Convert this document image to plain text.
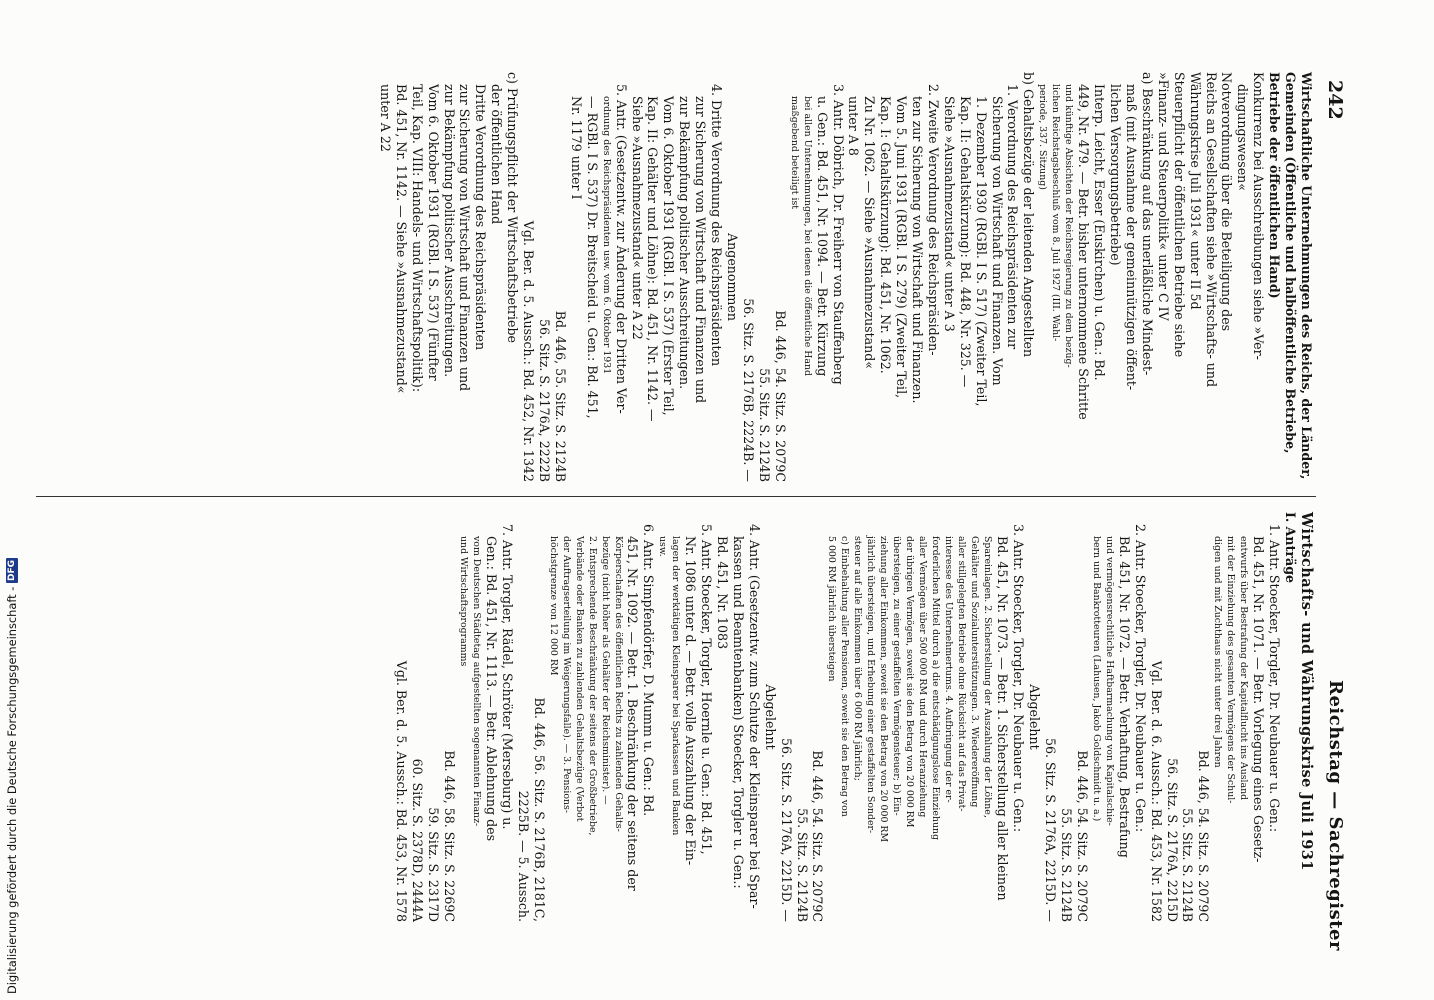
242
Reichstag — Sachregister
Wirtschaftliche Unternehmungen des Reichs, der Länder,
Gemeinden (Öffentliche und halböffentliche Betriebe,
Betriebe der öffentlichen Hand)
Konkurrenz bei Ausschreibungen siehe »Ver-
dingungswesen«
Notverordnung über die Beteiligung des
Reichs an Gesellschaften siehe »Wirtschafts- und
Währungskrise Juli 1931« unter II 5d
Steuerpflicht der öffentlichen Betriebe siehe
»Finanz- und Steuerpolitik« unter C IV
a) Beschränkung auf das unerläßliche Mindest-
maß (mit Ausnahme der gemeinnützigen öffent-
lichen Versorgungsbetriebe)
Interp. Leicht, Esser (Euskirchen) u. Gen.: Bd.
449, Nr. 479. — Betr. bisher unternommene Schritte
und künftige Absichten der Reichsregierung zu dem bezüg-
lichen Reichstagsbeschluß vom 8. Juli 1927 (III. Wahl-
periode, 337. Sitzung)
b) Gehaltsbezüge der leitenden Angestellten
1. Verordnung des Reichspräsidenten zur
Sicherung von Wirtschaft und Finanzen. Vom
1. Dezember 1930 (RGBl. I S. 517) (Zweiter Teil,
Kap. II: Gehaltskürzung): Bd. 448, Nr. 325. —
Siehe »Ausnahmezustand« unter A 3
2. Zweite Verordnung des Reichspräsiden-
ten zur Sicherung von Wirtschaft und Finanzen.
Vom 5. Juni 1931 (RGBl. I S. 279) (Zweiter Teil,
Kap. I: Gehaltskürzung): Bd. 451, Nr. 1062.
Zu Nr. 1062. — Siehe »Ausnahmezustand«
unter A 8
3. Antr. Döbrich, Dr. Freiherr von Stauffenberg
u. Gen.: Bd. 451, Nr. 1094. — Betr. Kürzung
bei allen Unternehmungen, bei denen die öffentliche Hand
maßgebend beteiligt ist
Bd. 446, 54. Sitz. S. 2079C
55. Sitz. S. 2124B
56. Sitz. S. 2176B, 2224B. —
Angenommen
4. Dritte Verordnung des Reichspräsidenten
zur Sicherung von Wirtschaft und Finanzen und
zur Bekämpfung politischer Ausschreitungen.
Vom 6. Oktober 1931 (RGBl. I S. 537) (Erster Teil,
Kap. II: Gehälter und Löhne): Bd. 451, Nr. 1142. —
Siehe »Ausnahmezustand« unter A 22
5. Antr. (Gesetzentw. zur Änderung der Dritten Ver-
ordnung des Reichspräsidenten usw. vom 6. Oktober 1931
— RGBl. I S. 537) Dr. Breitscheid u. Gen.: Bd. 451,
Nr. 1179 unter I
Bd. 446, 55. Sitz. S. 2124B
56. Sitz. S. 2176A, 2222B
Vgl. Ber. d. 5. Aussch.: Bd. 452, Nr. 1342
c) Prüfungspflicht der Wirtschaftsbetriebe
der öffentlichen Hand
Dritte Verordnung des Reichspräsidenten
zur Sicherung von Wirtschaft und Finanzen und
zur Bekämpfung politischer Ausschreitungen.
Vom 6. Oktober 1931 (RGBl. I S. 537) (Fünfter
Teil, Kap. VIII: Handels- und Wirtschaftspolitik):
Bd. 451, Nr. 1142. — Siehe »Ausnahmezustand«
unter A 22
Wirtschafts- und Währungskrise Juli 1931
I. Anträge
1. Antr. Stoecker, Torgler, Dr. Neubauer u. Gen.:
Bd. 451, Nr. 1071. — Betr. Vorlegung eines Gesetz-
entwurfs über Bestrafung der Kapitalflucht ins Ausland
mit der Einziehung des gesamten Vermögens der Schul-
digen und mit Zuchthaus nicht unter drei Jahren
Bd. 446, 54. Sitz. S. 2079C
55. Sitz. S. 2124B
56. Sitz. S. 2176A, 2215D
Vgl. Ber. d. 6. Aussch.: Bd. 453, Nr. 1582
2. Antr. Stoecker, Torgler, Dr. Neubauer u. Gen.:
Bd. 451, Nr. 1072. — Betr. Verhaftung, Bestrafung
und vermögensrechtliche Haftbarmachung von Kapitalschie-
bern und Bankrotteuren (Lahusen, Jakob Goldschmidt u. a.)
Bd. 446, 54. Sitz. S. 2079C
55. Sitz. S. 2124B
56. Sitz. S. 2176A, 2215D. —
Abgelehnt
3. Antr. Stoecker, Torgler, Dr. Neubauer u. Gen.:
Bd. 451, Nr. 1073. — Betr. 1. Sicherstellung aller kleinen
Spareinlagen. 2. Sicherstellung der Auszahlung der Löhne,
Gehälter und Sozialunterstützungen. 3. Wiedereröffnung
aller stillgelegten Betriebe ohne Rücksicht auf das Privat-
interesse des Unternehmertums. 4. Aufbringung der er-
forderlichen Mittel durch a) die entschädigungslose Einziehung
aller Vermögen über 500 000 RM und durch Heranziehung
der übrigen Vermögen, soweit sie den Betrag von 20 000 RM
übersteigen, zu einer gestaffelten Vermögensteuer; b) Ein-
ziehung aller Einkommen, soweit sie den Betrag von 20 000 RM
jährlich übersteigen, und Erhebung einer gestaffelten Sonder-
steuer auf alle Einkommen über 6 000 RM jährlich;
c) Einbehaltung aller Pensionen, soweit sie den Betrag von
5 000 RM jährlich übersteigen
Bd. 446, 54. Sitz. S. 2079C
55. Sitz. S. 2124B
56. Sitz. S. 2176A, 2215D. —
Abgelehnt
4. Antr. (Gesetzentw. zum Schutze der Kleinsparer bei Spar-
kassen und Beamtenbanken) Stoecker, Torgler u. Gen.:
Bd. 451, Nr. 1083
5. Antr. Stoecker, Torgler, Hoernle u. Gen.: Bd. 451,
Nr. 1086 unter d. — Betr. volle Auszahlung der Ein-
lagen der werktätigen Kleinsparer bei Sparkassen und Banken
usw.
6. Antr. Simpfendörfer, D. Mumm u. Gen.: Bd.
451, Nr. 1092. — Betr. 1. Beschränkung der seitens der
Körperschaften des öffentlichen Rechts zu zahlenden Gehalts-
bezüge (nicht höher als Gehälter der Reichsminister). —
2. Entsprechende Beschränkung der seitens der Großbetriebe,
Verbände oder Banken zu zahlenden Gehaltsbezüge (Verbot
der Auftragserteilung im Weigerungsfalle). — 3. Pensions-
höchstgrenze von 12 000 RM
Bd. 446, 56. Sitz. S. 2176B, 2181C,
2225B. — 5. Aussch.
7. Antr. Torgler, Rädel, Schröter (Merseburg) u.
Gen.: Bd. 451, Nr. 1113. — Betr. Ablehnung des
vom Deutschen Städtetag aufgestellten sogenannten Finanz-
und Wirtschaftsprogramms
Bd. 446, 58. Sitz. S. 2269C
59. Sitz. S. 2317D
60. Sitz. S. 2378D, 2444A
Vgl. Ber. d. 5. Aussch.: Bd. 453, Nr. 1578
Digitalisierung gefördert durch die Deutsche Forschungsgemeinschaft -
DFG
